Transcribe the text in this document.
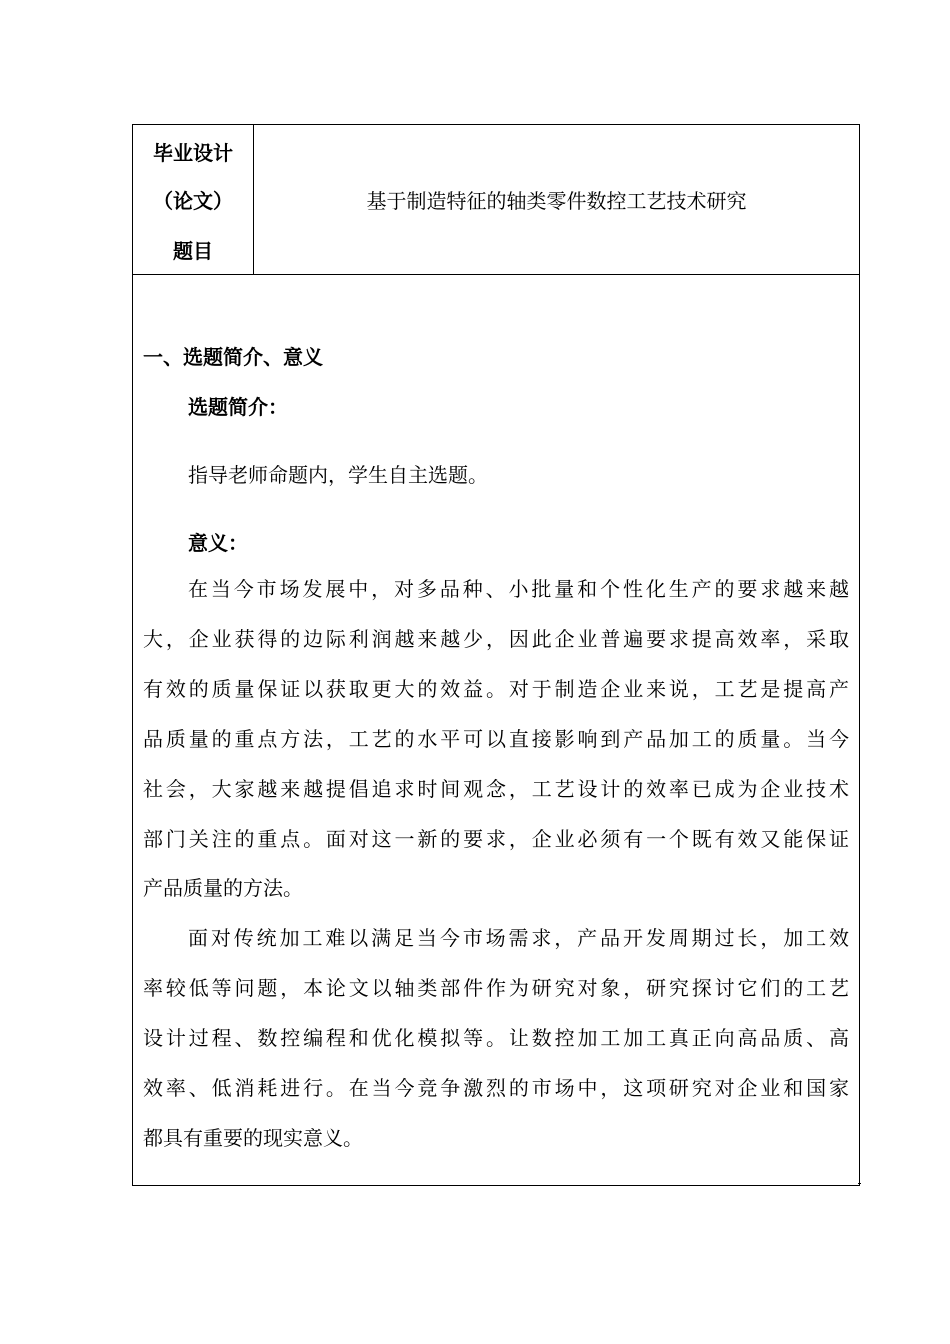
毕业设计
（论文）
题目
基于制造特征的轴类零件数控工艺技术研究
一、选题简介、意义
选题简介：
指导老师命题内，学生自主选题。
意义：
在当今市场发展中，对多品种、小批量和个性化生产的要求越来越
大，企业获得的边际利润越来越少，因此企业普遍要求提高效率，采取
有效的质量保证以获取更大的效益。对于制造企业来说，工艺是提高产
品质量的重点方法，工艺的水平可以直接影响到产品加工的质量。当今
社会，大家越来越提倡追求时间观念，工艺设计的效率已成为企业技术
部门关注的重点。面对这一新的要求，企业必须有一个既有效又能保证
产品质量的方法。
面对传统加工难以满足当今市场需求，产品开发周期过长，加工效
率较低等问题，本论文以轴类部件作为研究对象，研究探讨它们的工艺
设计过程、数控编程和优化模拟等。让数控加工加工真正向高品质、高
效率、低消耗进行。在当今竞争激烈的市场中，这项研究对企业和国家
都具有重要的现实意义。
